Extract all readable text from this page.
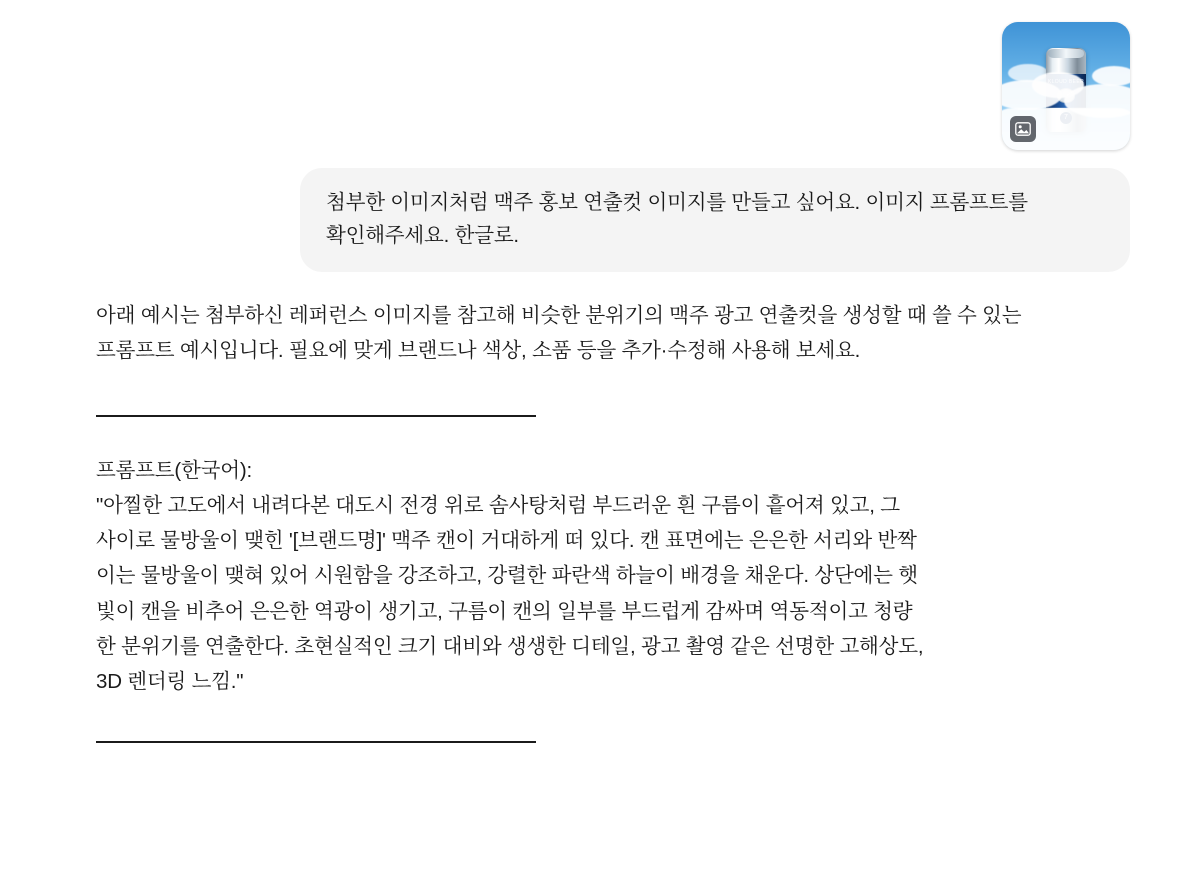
첨부한 이미지처럼 맥주 홍보 연출컷 이미지를 만들고 싶어요. 이미지 프롬프트를 확인해주세요. 한글로.

아래 예시는 첨부하신 레퍼런스 이미지를 참고해 비슷한 분위기의 맥주 광고 연출컷을 생성할 때 쓸 수 있는 프롬프트 예시입니다. 필요에 맞게 브랜드나 색상, 소품 등을 추가·수정해 사용해 보세요.

프롬프트(한국어):

"아찔한 고도에서 내려다본 대도시 전경 위로 솜사탕처럼 부드러운 흰 구름이 흩어져 있고, 그
사이로 물방울이 맺힌 '[브랜드명]' 맥주 캔이 거대하게 떠 있다. 캔 표면에는 은은한 서리와 반짝
이는 물방울이 맺혀 있어 시원함을 강조하고, 강렬한 파란색 하늘이 배경을 채운다. 상단에는 햇
빛이 캔을 비추어 은은한 역광이 생기고, 구름이 캔의 일부를 부드럽게 감싸며 역동적이고 청량
한 분위기를 연출한다. 초현실적인 크기 대비와 생생한 디테일, 광고 촬영 같은 선명한 고해상도,
3D 렌더링 느낌."
